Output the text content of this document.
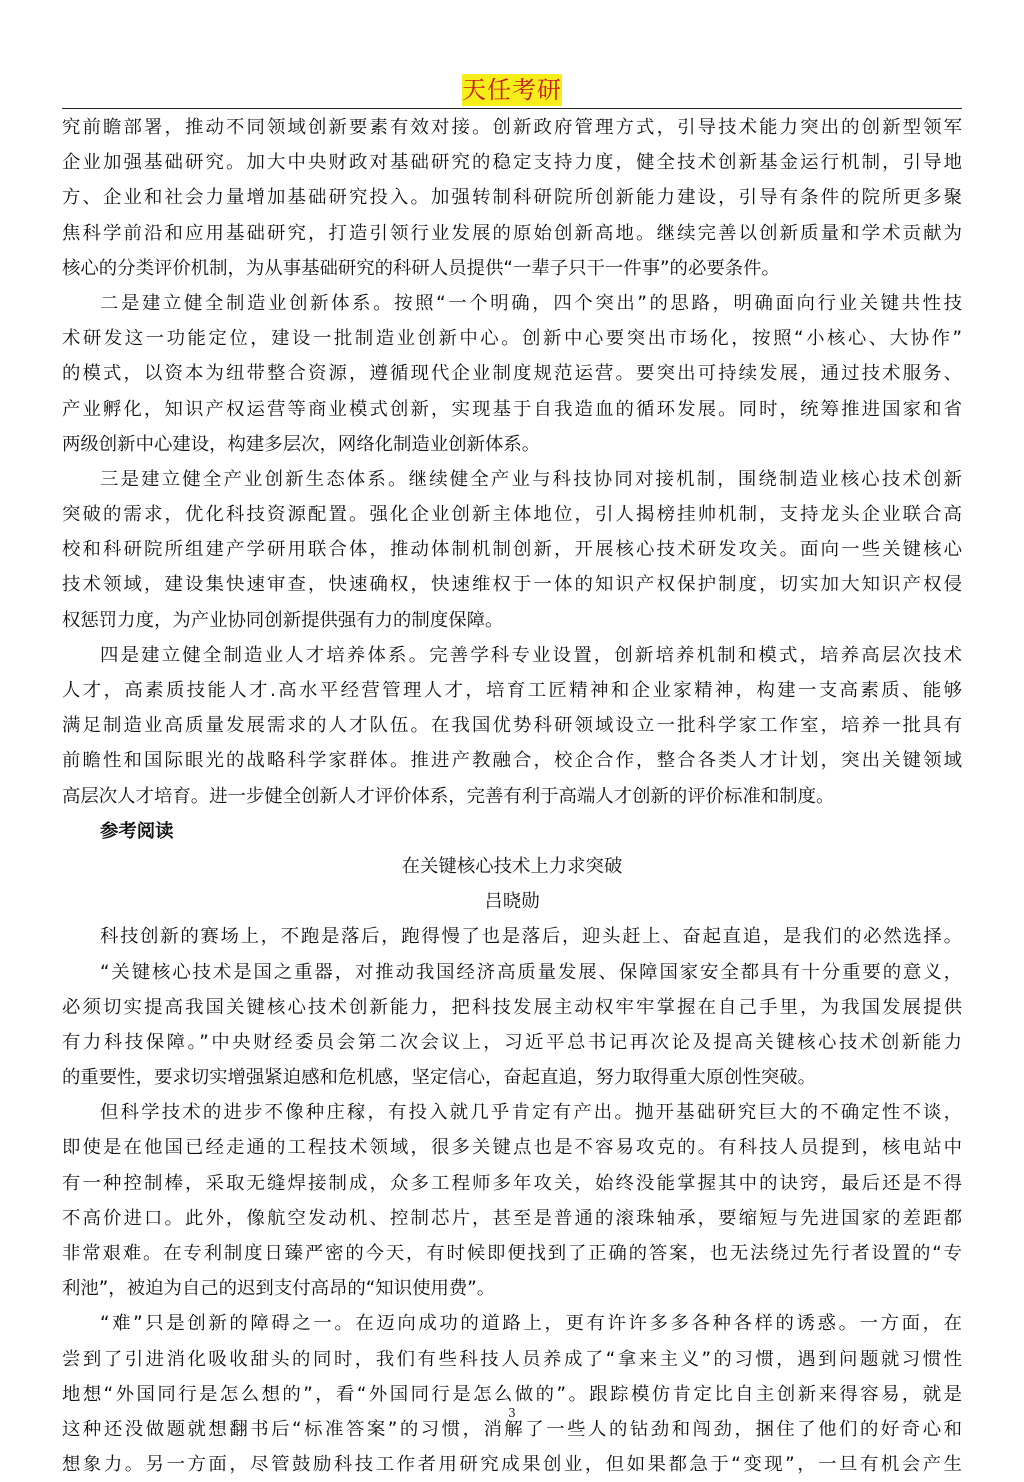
天任考研
究前瞻部署，推动不同领域创新要素有效对接。创新政府管理方式，引导技术能力突出的创新型领军
企业加强基础研究。加大中央财政对基础研究的稳定支持力度，健全技术创新基金运行机制，引导地
方、企业和社会力量增加基础研究投入。加强转制科研院所创新能力建设，引导有条件的院所更多聚
焦科学前沿和应用基础研究，打造引领行业发展的原始创新高地。继续完善以创新质量和学术贡献为
核心的分类评价机制，为从事基础研究的科研人员提供“一辈子只干一件事”的必要条件。
二是建立健全制造业创新体系。按照“一个明确，四个突出”的思路，明确面向行业关键共性技
术研发这一功能定位，建设一批制造业创新中心。创新中心要突出市场化，按照“小核心、大协作”
的模式，以资本为纽带整合资源，遵循现代企业制度规范运营。要突出可持续发展，通过技术服务、
产业孵化，知识产权运营等商业模式创新，实现基于自我造血的循环发展。同时，统筹推进国家和省
两级创新中心建设，构建多层次，网络化制造业创新体系。
三是建立健全产业创新生态体系。继续健全产业与科技协同对接机制，围绕制造业核心技术创新
突破的需求，优化科技资源配置。强化企业创新主体地位，引人揭榜挂帅机制，支持龙头企业联合高
校和科研院所组建产学研用联合体，推动体制机制创新，开展核心技术研发攻关。面向一些关键核心
技术领域，建设集快速审查，快速确权，快速维权于一体的知识产权保护制度，切实加大知识产权侵
权惩罚力度，为产业协同创新提供强有力的制度保障。
四是建立健全制造业人才培养体系。完善学科专业设置，创新培养机制和模式，培养高层次技术
人才，高素质技能人才.高水平经营管理人才，培育工匠精神和企业家精神，构建一支高素质、能够
满足制造业高质量发展需求的人才队伍。在我国优势科研领域设立一批科学家工作室，培养一批具有
前瞻性和国际眼光的战略科学家群体。推进产教融合，校企合作，整合各类人才计划，突出关键领域
高层次人才培育。进一步健全创新人才评价体系，完善有利于高端人才创新的评价标准和制度。
参考阅读
在关键核心技术上力求突破
吕晓勋
科技创新的赛场上，不跑是落后，跑得慢了也是落后，迎头赶上、奋起直追，是我们的必然选择。
“关键核心技术是国之重器，对推动我国经济高质量发展、保障国家安全都具有十分重要的意义，
必须切实提高我国关键核心技术创新能力，把科技发展主动权牢牢掌握在自己手里，为我国发展提供
有力科技保障。”中央财经委员会第二次会议上，习近平总书记再次论及提高关键核心技术创新能力
的重要性，要求切实增强紧迫感和危机感，坚定信心，奋起直追，努力取得重大原创性突破。
但科学技术的进步不像种庄稼，有投入就几乎肯定有产出。抛开基础研究巨大的不确定性不谈，
即使是在他国已经走通的工程技术领域，很多关键点也是不容易攻克的。有科技人员提到，核电站中
有一种控制棒，采取无缝焊接制成，众多工程师多年攻关，始终没能掌握其中的诀窍，最后还是不得
不高价进口。此外，像航空发动机、控制芯片，甚至是普通的滚珠轴承，要缩短与先进国家的差距都
非常艰难。在专利制度日臻严密的今天，有时候即便找到了正确的答案，也无法绕过先行者设置的“专
利池”，被迫为自己的迟到支付高昂的“知识使用费”。
“难”只是创新的障碍之一。在迈向成功的道路上，更有许许多多各种各样的诱惑。一方面，在
尝到了引进消化吸收甜头的同时，我们有些科技人员养成了“拿来主义”的习惯，遇到问题就习惯性
地想“外国同行是怎么想的”，看“外国同行是怎么做的”。跟踪模仿肯定比自主创新来得容易，就是
这种还没做题就想翻书后“标准答案”的习惯，消解了一些人的钻劲和闯劲，捆住了他们的好奇心和
想象力。另一方面，尽管鼓励科技工作者用研究成果创业，但如果都急于“变现”，一旦有机会产生
3
